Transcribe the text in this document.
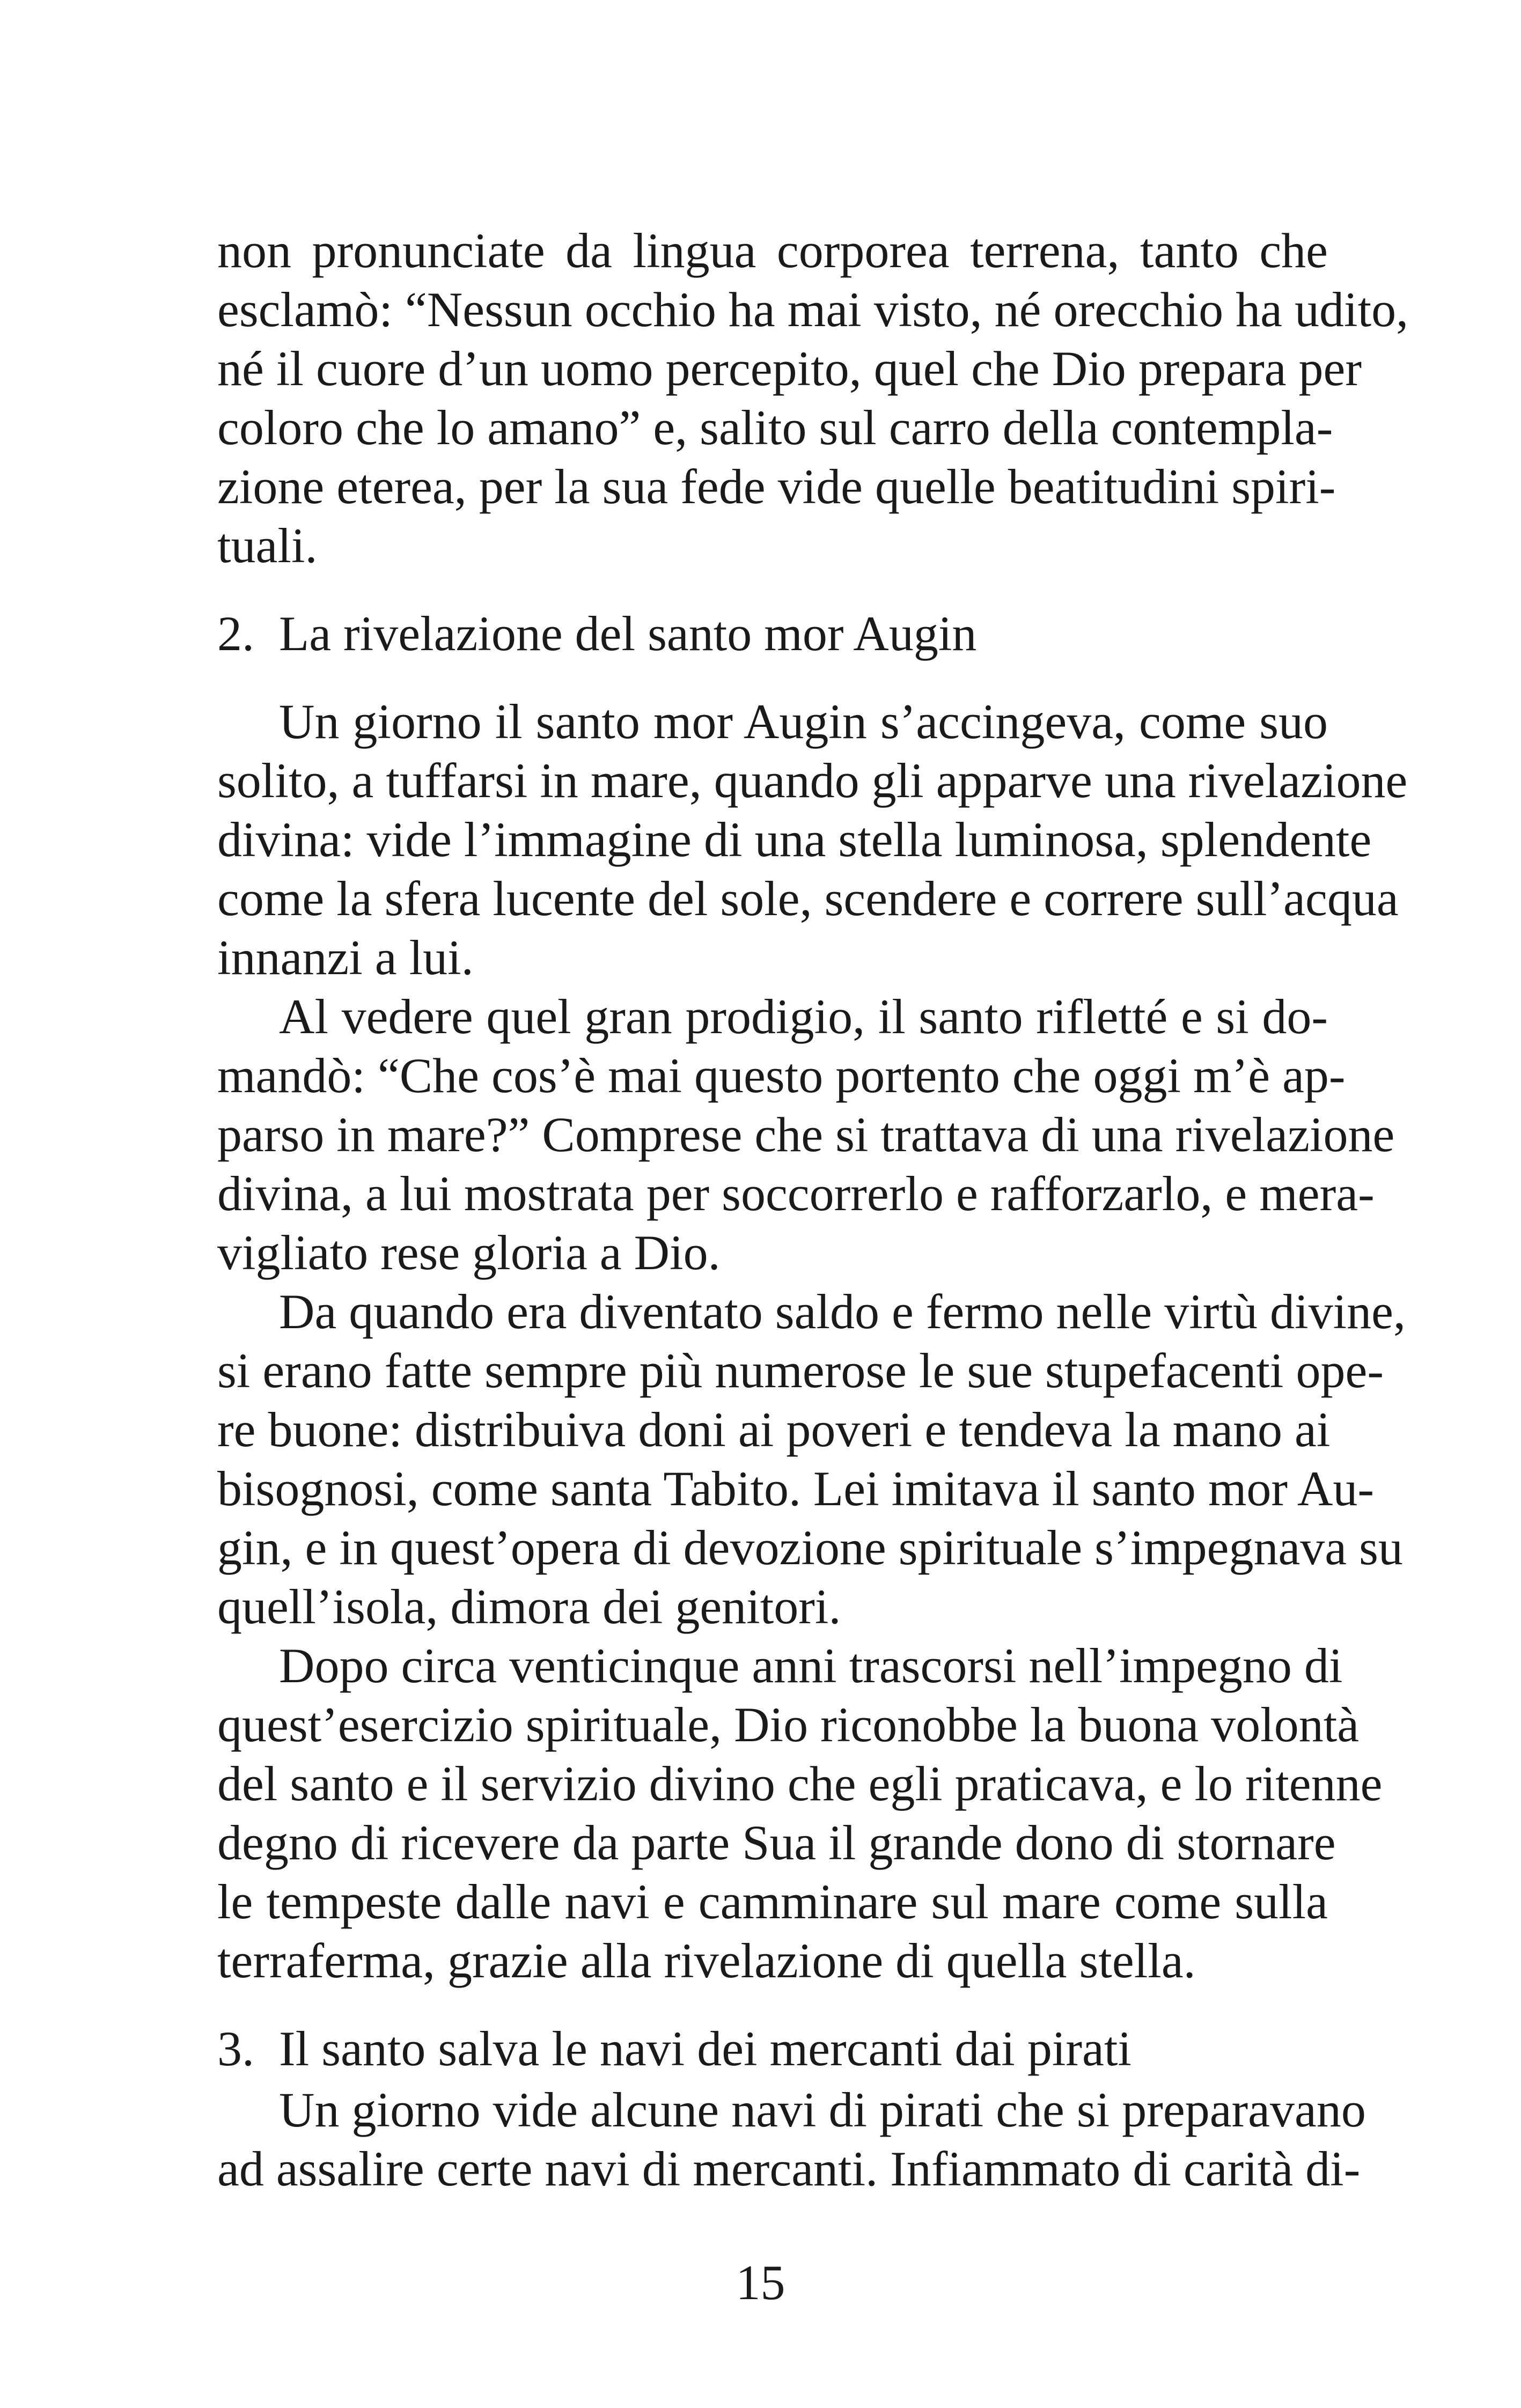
non pronunciate da lingua corporea terrena, tanto che
esclamò: “Nessun occhio ha mai visto, né orecchio ha udito,
né il cuore d’un uomo percepito, quel che Dio prepara per
coloro che lo amano” e, salito sul carro della contempla-
zione eterea, per la sua fede vide quelle beatitudini spiri-
tuali.
2. La rivelazione del santo mor Augin
Un giorno il santo mor Augin s’accingeva, come suo
solito, a tuffarsi in mare, quando gli apparve una rivelazione
divina: vide l’immagine di una stella luminosa, splendente
come la sfera lucente del sole, scendere e correre sull’acqua
innanzi a lui.
Al vedere quel gran prodigio, il santo rifletté e si do-
mandò: “Che cos’è mai questo portento che oggi m’è ap-
parso in mare?” Comprese che si trattava di una rivelazione
divina, a lui mostrata per soccorrerlo e rafforzarlo, e mera-
vigliato rese gloria a Dio.
Da quando era diventato saldo e fermo nelle virtù divine,
si erano fatte sempre più numerose le sue stupefacenti ope-
re buone: distribuiva doni ai poveri e tendeva la mano ai
bisognosi, come santa Tabito. Lei imitava il santo mor Au-
gin, e in quest’opera di devozione spirituale s’impegnava su
quell’isola, dimora dei genitori.
Dopo circa venticinque anni trascorsi nell’impegno di
quest’esercizio spirituale, Dio riconobbe la buona volontà
del santo e il servizio divino che egli praticava, e lo ritenne
degno di ricevere da parte Sua il grande dono di stornare
le tempeste dalle navi e camminare sul mare come sulla
terraferma, grazie alla rivelazione di quella stella.
3. Il santo salva le navi dei mercanti dai pirati
Un giorno vide alcune navi di pirati che si preparavano
ad assalire certe navi di mercanti. Infiammato di carità di-
15
